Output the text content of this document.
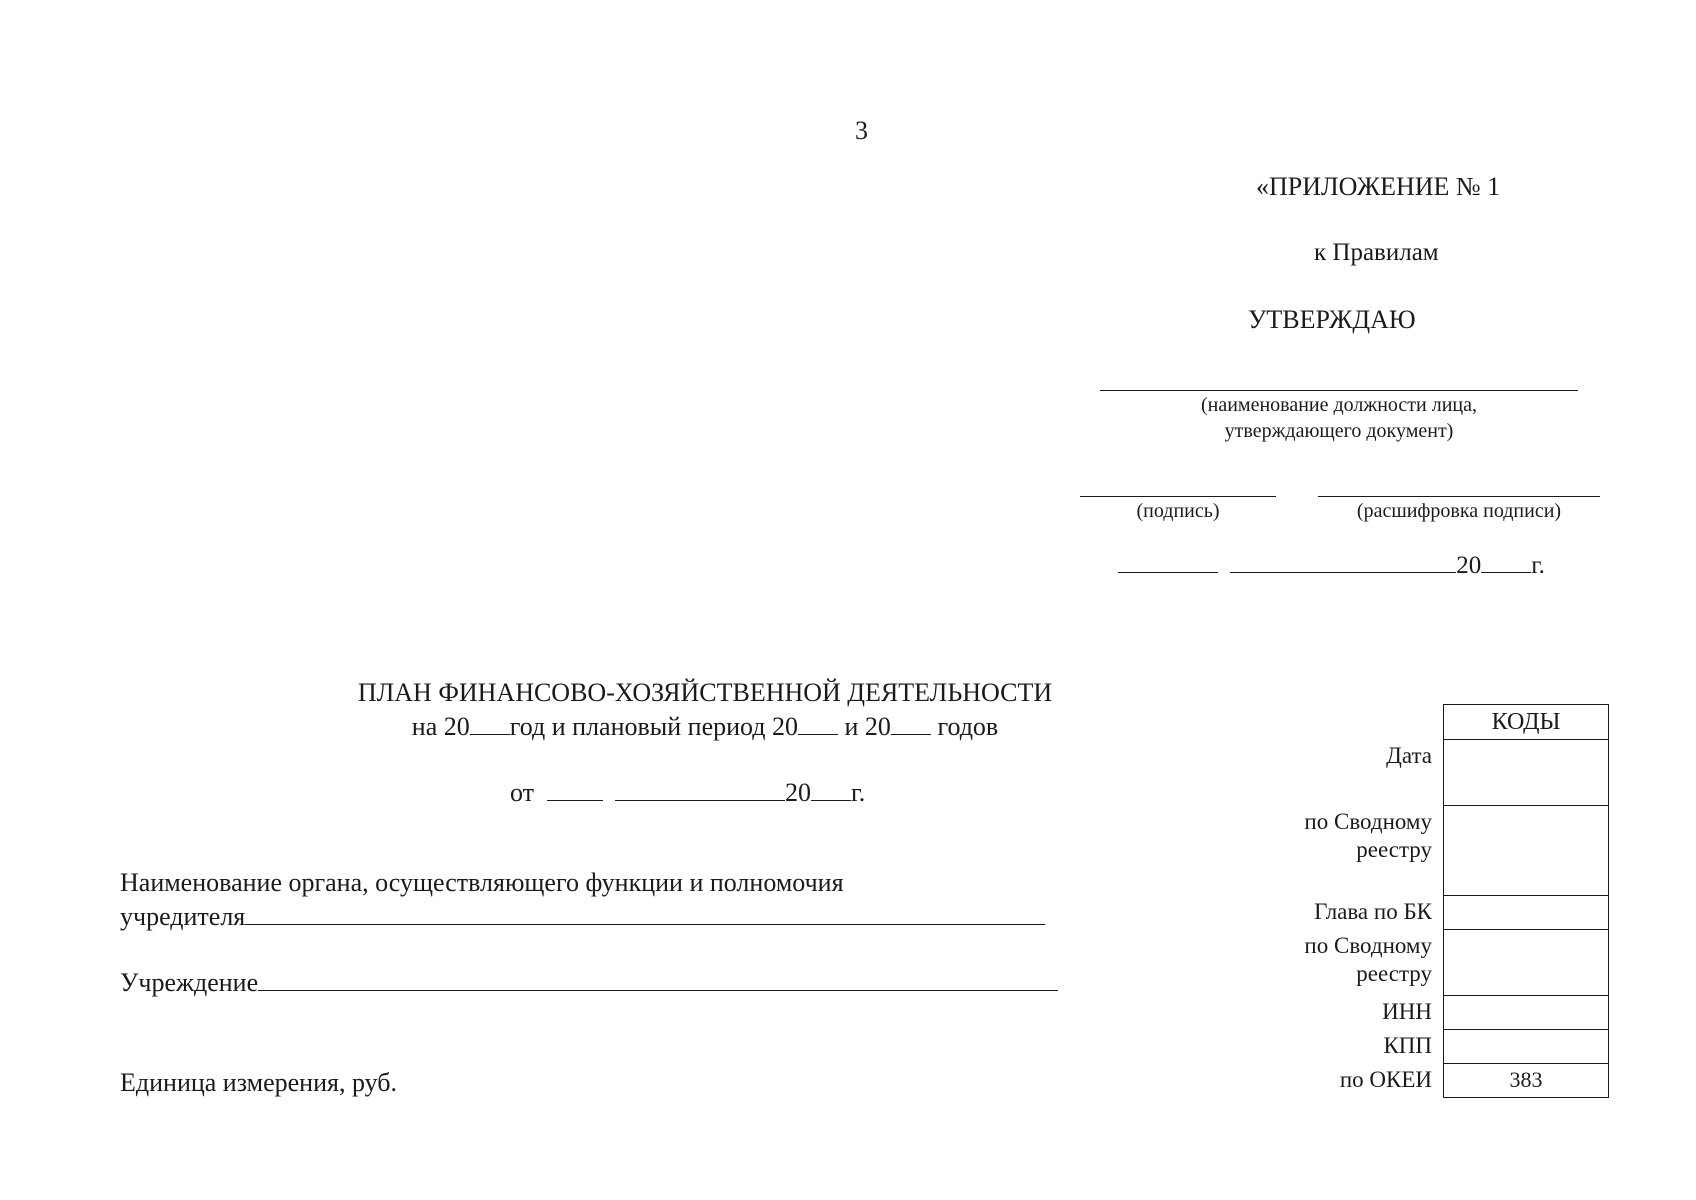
3
«ПРИЛОЖЕНИЕ № 1
к Правилам
УТВЕРЖДАЮ
(наименование должности лица,
утверждающего документ)
(подпись)	(расшифровка подписи)
20 г.
ПЛАН ФИНАНСОВО-ХОЗЯЙСТВЕННОЙ ДЕЯТЕЛЬНОСТИ
на 20 год и плановый период 20 и 20 годов
от	20 г.
Наименование органа, осуществляющего функции и полномочия
учредителя
Учреждение
Единица измерения, руб.
КОДЫ
383
Дата
по Сводному
реестру
Глава по БК
по Сводному
реестру
ИНН
КПП
по ОКЕИ
